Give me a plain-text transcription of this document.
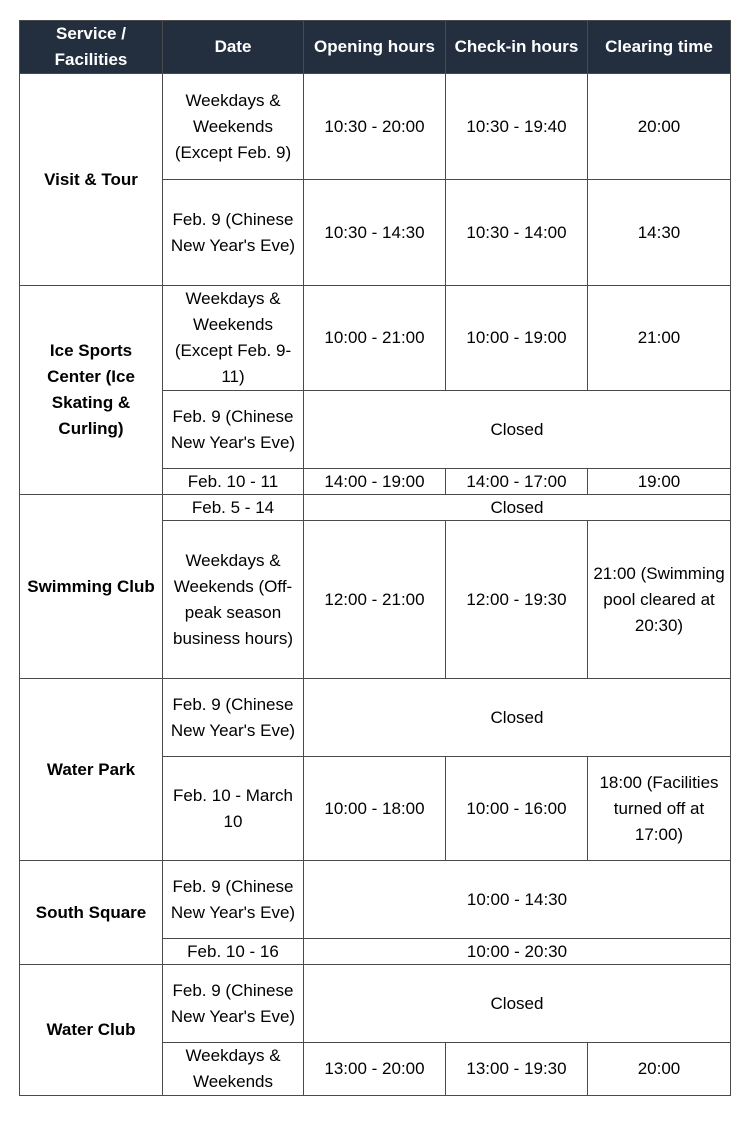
Service / Facilities	Date	Opening hours	Check-in hours	Clearing time
Visit & Tour	Weekdays & Weekends (Except Feb. 9)	10:30 - 20:00	10:30 - 19:40	20:00
	Feb. 9 (Chinese New Year's Eve)	10:30 - 14:30	10:30 - 14:00	14:30
Ice Sports Center (Ice Skating & Curling)	Weekdays & Weekends (Except Feb. 9-11)	10:00 - 21:00	10:00 - 19:00	21:00
	Feb. 9 (Chinese New Year's Eve)	Closed		
	Feb. 10 - 11	14:00 - 19:00	14:00 - 17:00	19:00
Swimming Club	Feb. 5 - 14	Closed		
	Weekdays & Weekends (Off-peak season business hours)	12:00 - 21:00	12:00 - 19:30	21:00 (Swimming pool cleared at 20:30)
Water Park	Feb. 9 (Chinese New Year's Eve)	Closed		
	Feb. 10 - March 10	10:00 - 18:00	10:00 - 16:00	18:00 (Facilities turned off at 17:00)
South Square	Feb. 9 (Chinese New Year's Eve)	10:00 - 14:30		
	Feb. 10 - 16	10:00 - 20:30		
Water Club	Feb. 9 (Chinese New Year's Eve)	Closed		
	Weekdays & Weekends	13:00 - 20:00	13:00 - 19:30	20:00
